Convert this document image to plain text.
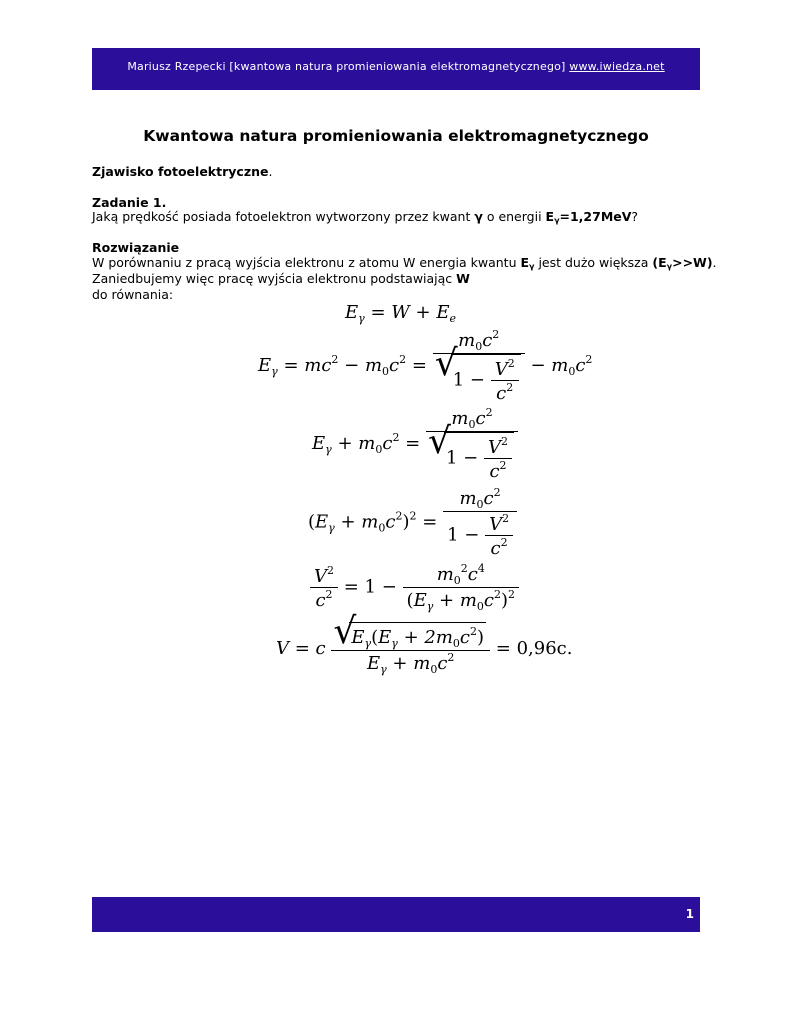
Mariusz Rzepecki [kwantowa natura promieniowania elektromagnetycznego] www.iwiedza.net
Kwantowa natura promieniowania elektromagnetycznego
Zjawisko fotoelektryczne.
Zadanie 1.
Jaką prędkość posiada fotoelektron wytworzony przez kwant γ o energii $E_\gamma=1,27MeV$?
Rozwiązanie
W porównaniu z pracą wyjścia elektronu z atomu W energia kwantu $E_\gamma$ jest dużo większa $(E_\gamma>>W)$.
Zaniedbujemy więc pracę wyjścia elektronu podstawiając W
do równania:
$E_\gamma = W + E_e$
$E_\gamma = mc^2 - m_0c^2 = m_0c^2$
√ $1 - \frac{V^2}{c^2} - m_0c^2$
$E_\gamma + m_0c^2 = m_0c^2$
√ $1 - \frac{V^2}{c^2}$
$(E_\gamma + m_0c^2)^2 = \frac{m_0c^2}{1 - \frac{V^2}{c^2}}$
$\frac{V^2}{c^2} = 1 - \frac{m_0^2c^4}{(E_\gamma + m_0c^2)^2}$
V = c
√ $\frac{E_\gamma(E_\gamma + 2m_0c^2)}{E_\gamma + m_0c^2} = 0,96c$.
1
